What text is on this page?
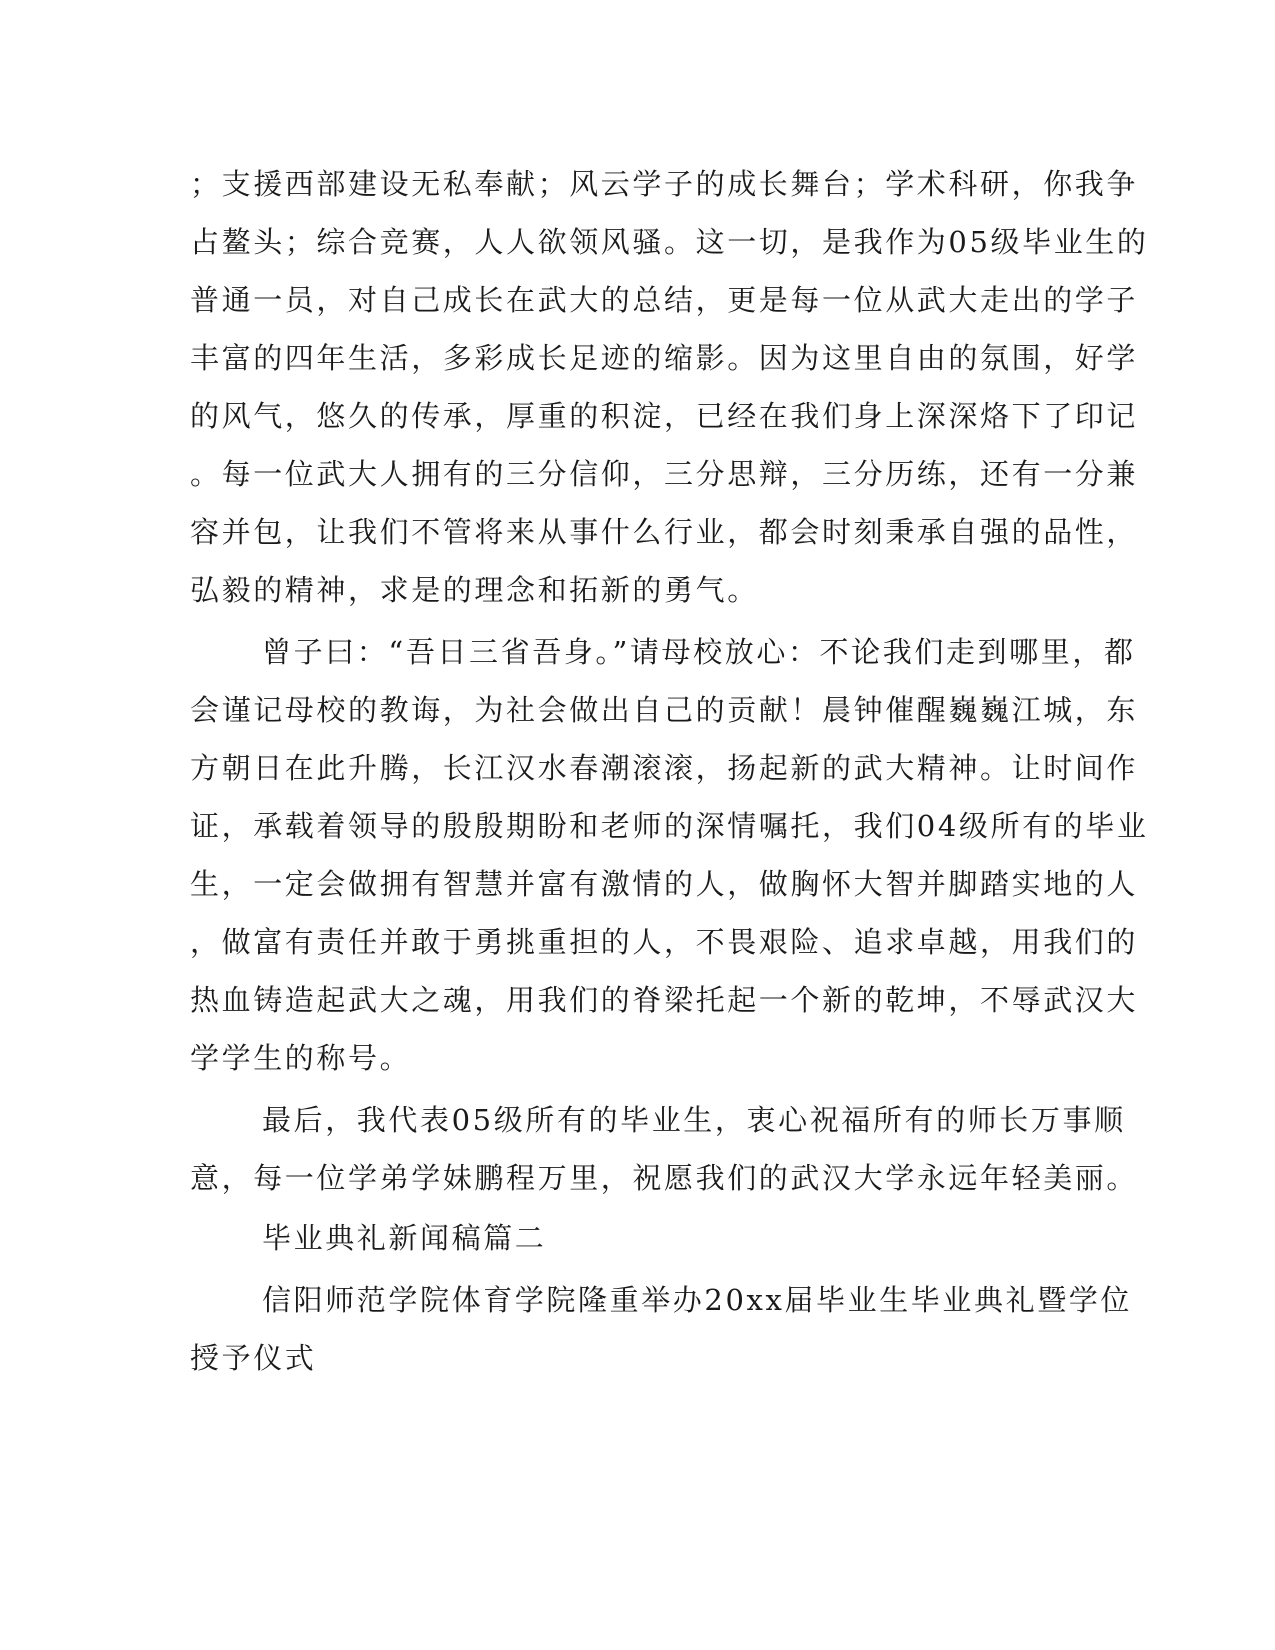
；支援西部建设无私奉献；风云学子的成长舞台；学术科研，你我争

占鳌头；综合竞赛，人人欲领风骚。这一切，是我作为05级毕业生的

普通一员，对自己成长在武大的总结，更是每一位从武大走出的学子

丰富的四年生活，多彩成长足迹的缩影。因为这里自由的氛围，好学

的风气，悠久的传承，厚重的积淀，已经在我们身上深深烙下了印记

。每一位武大人拥有的三分信仰，三分思辩，三分历练，还有一分兼

容并包，让我们不管将来从事什么行业，都会时刻秉承自强的品性，

弘毅的精神，求是的理念和拓新的勇气。

曾子曰：“吾日三省吾身。”请母校放心：不论我们走到哪里，都

会谨记母校的教诲，为社会做出自己的贡献！晨钟催醒巍巍江城，东

方朝日在此升腾，长江汉水春潮滚滚，扬起新的武大精神。让时间作

证，承载着领导的殷殷期盼和老师的深情嘱托，我们04级所有的毕业

生，一定会做拥有智慧并富有激情的人，做胸怀大智并脚踏实地的人

，做富有责任并敢于勇挑重担的人，不畏艰险、追求卓越，用我们的

热血铸造起武大之魂，用我们的脊梁托起一个新的乾坤，不辱武汉大

学学生的称号。

最后，我代表05级所有的毕业生，衷心祝福所有的师长万事顺

意，每一位学弟学妹鹏程万里，祝愿我们的武汉大学永远年轻美丽。

毕业典礼新闻稿篇二

信阳师范学院体育学院隆重举办20xx届毕业生毕业典礼暨学位

授予仪式
